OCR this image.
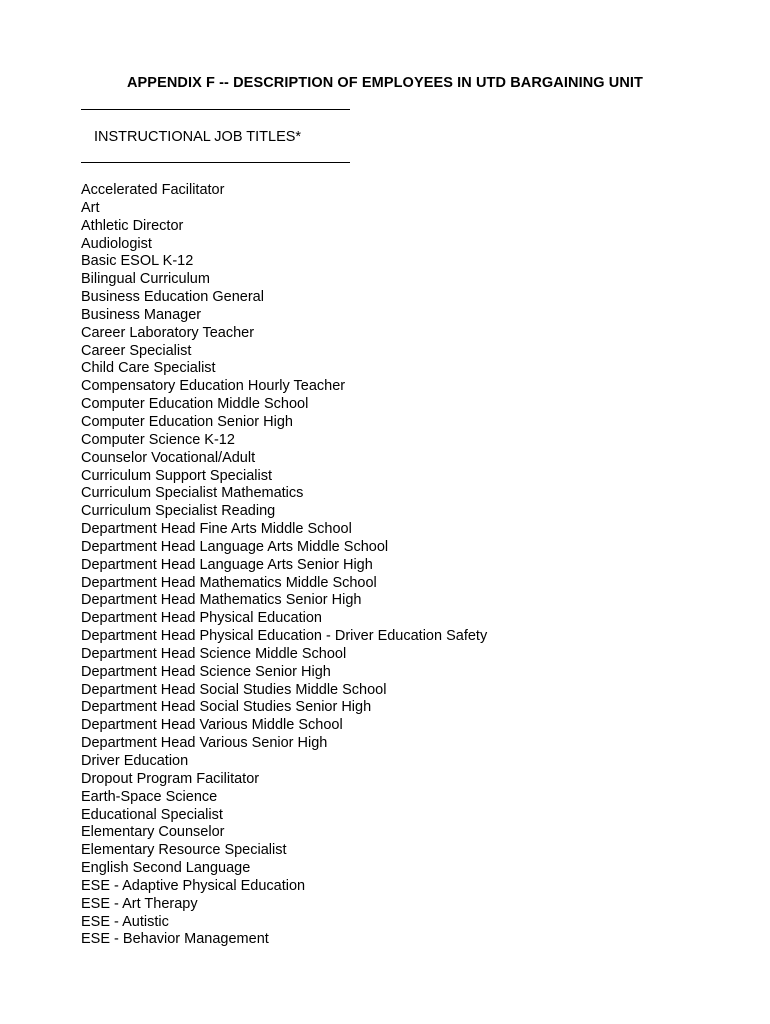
APPENDIX F -- DESCRIPTION OF EMPLOYEES IN UTD BARGAINING UNIT
INSTRUCTIONAL JOB TITLES*
Accelerated Facilitator
Art
Athletic Director
Audiologist
Basic ESOL K-12
Bilingual Curriculum
Business Education General
Business Manager
Career Laboratory Teacher
Career Specialist
Child Care Specialist
Compensatory Education Hourly Teacher
Computer Education Middle School
Computer Education Senior High
Computer Science K-12
Counselor Vocational/Adult
Curriculum Support Specialist
Curriculum Specialist Mathematics
Curriculum Specialist Reading
Department Head Fine Arts Middle School
Department Head Language Arts Middle School
Department Head Language Arts Senior High
Department Head Mathematics Middle School
Department Head Mathematics Senior High
Department Head Physical Education
Department Head Physical Education - Driver Education Safety
Department Head Science Middle School
Department Head Science Senior High
Department Head Social Studies Middle School
Department Head Social Studies Senior High
Department Head Various Middle School
Department Head Various Senior High
Driver Education
Dropout Program Facilitator
Earth-Space Science
Educational Specialist
Elementary Counselor
Elementary Resource Specialist
English Second Language
ESE - Adaptive Physical Education
ESE - Art Therapy
ESE - Autistic
ESE - Behavior Management
